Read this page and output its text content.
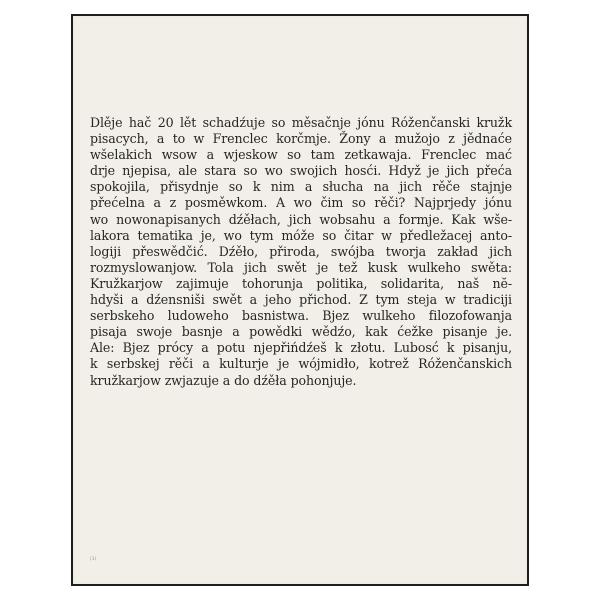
Dlěje hač 20 lět schadźuje so měsačnje jónu Róženčanski kružk
pisacych, a to w Frenclec korčmje. Žony a mužojo z jědnaće
wšelakich wsow a wjeskow so tam zetkawaja. Frenclec mać
drje njepisa, ale stara so wo swojich hosći. Hdyž je jich přeća
spokojila, přisydnje so k nim a słucha na jich rěče stajnje
přećelna a z posměwkom. A wo čim so rěči? Najprjedy jónu
wo nowonapisanych dźěłach, jich wobsahu a formje. Kak wše-
lakora tematika je, wo tym móže so čitar w předležacej anto-
logiji přeswědčić. Dźěło, přiroda, swójba tworja zakład jich
rozmyslowanjow. Tola jich swět je tež kusk wulkeho swěta:
Kružkarjow zajimuje tohorunja politika, solidarita, naš nĕ-
hdyši a dźensniši swět a jeho přichod. Z tym steja w tradiciji
serbskeho ludoweho basnistwa. Bjez wulkeho filozofowanja
pisaja swoje basnje a powědki wědźo, kak ćežke pisanje je.
Ale: Bjez prócy a potu njepřińdźeš k złotu. Lubosć k pisanju,
k serbskej rěči a kulturje je wójmidło, kotrež Róženčanskich
kružkarjow zwjazuje a do dźěła pohonjuje.
₍₁₎
